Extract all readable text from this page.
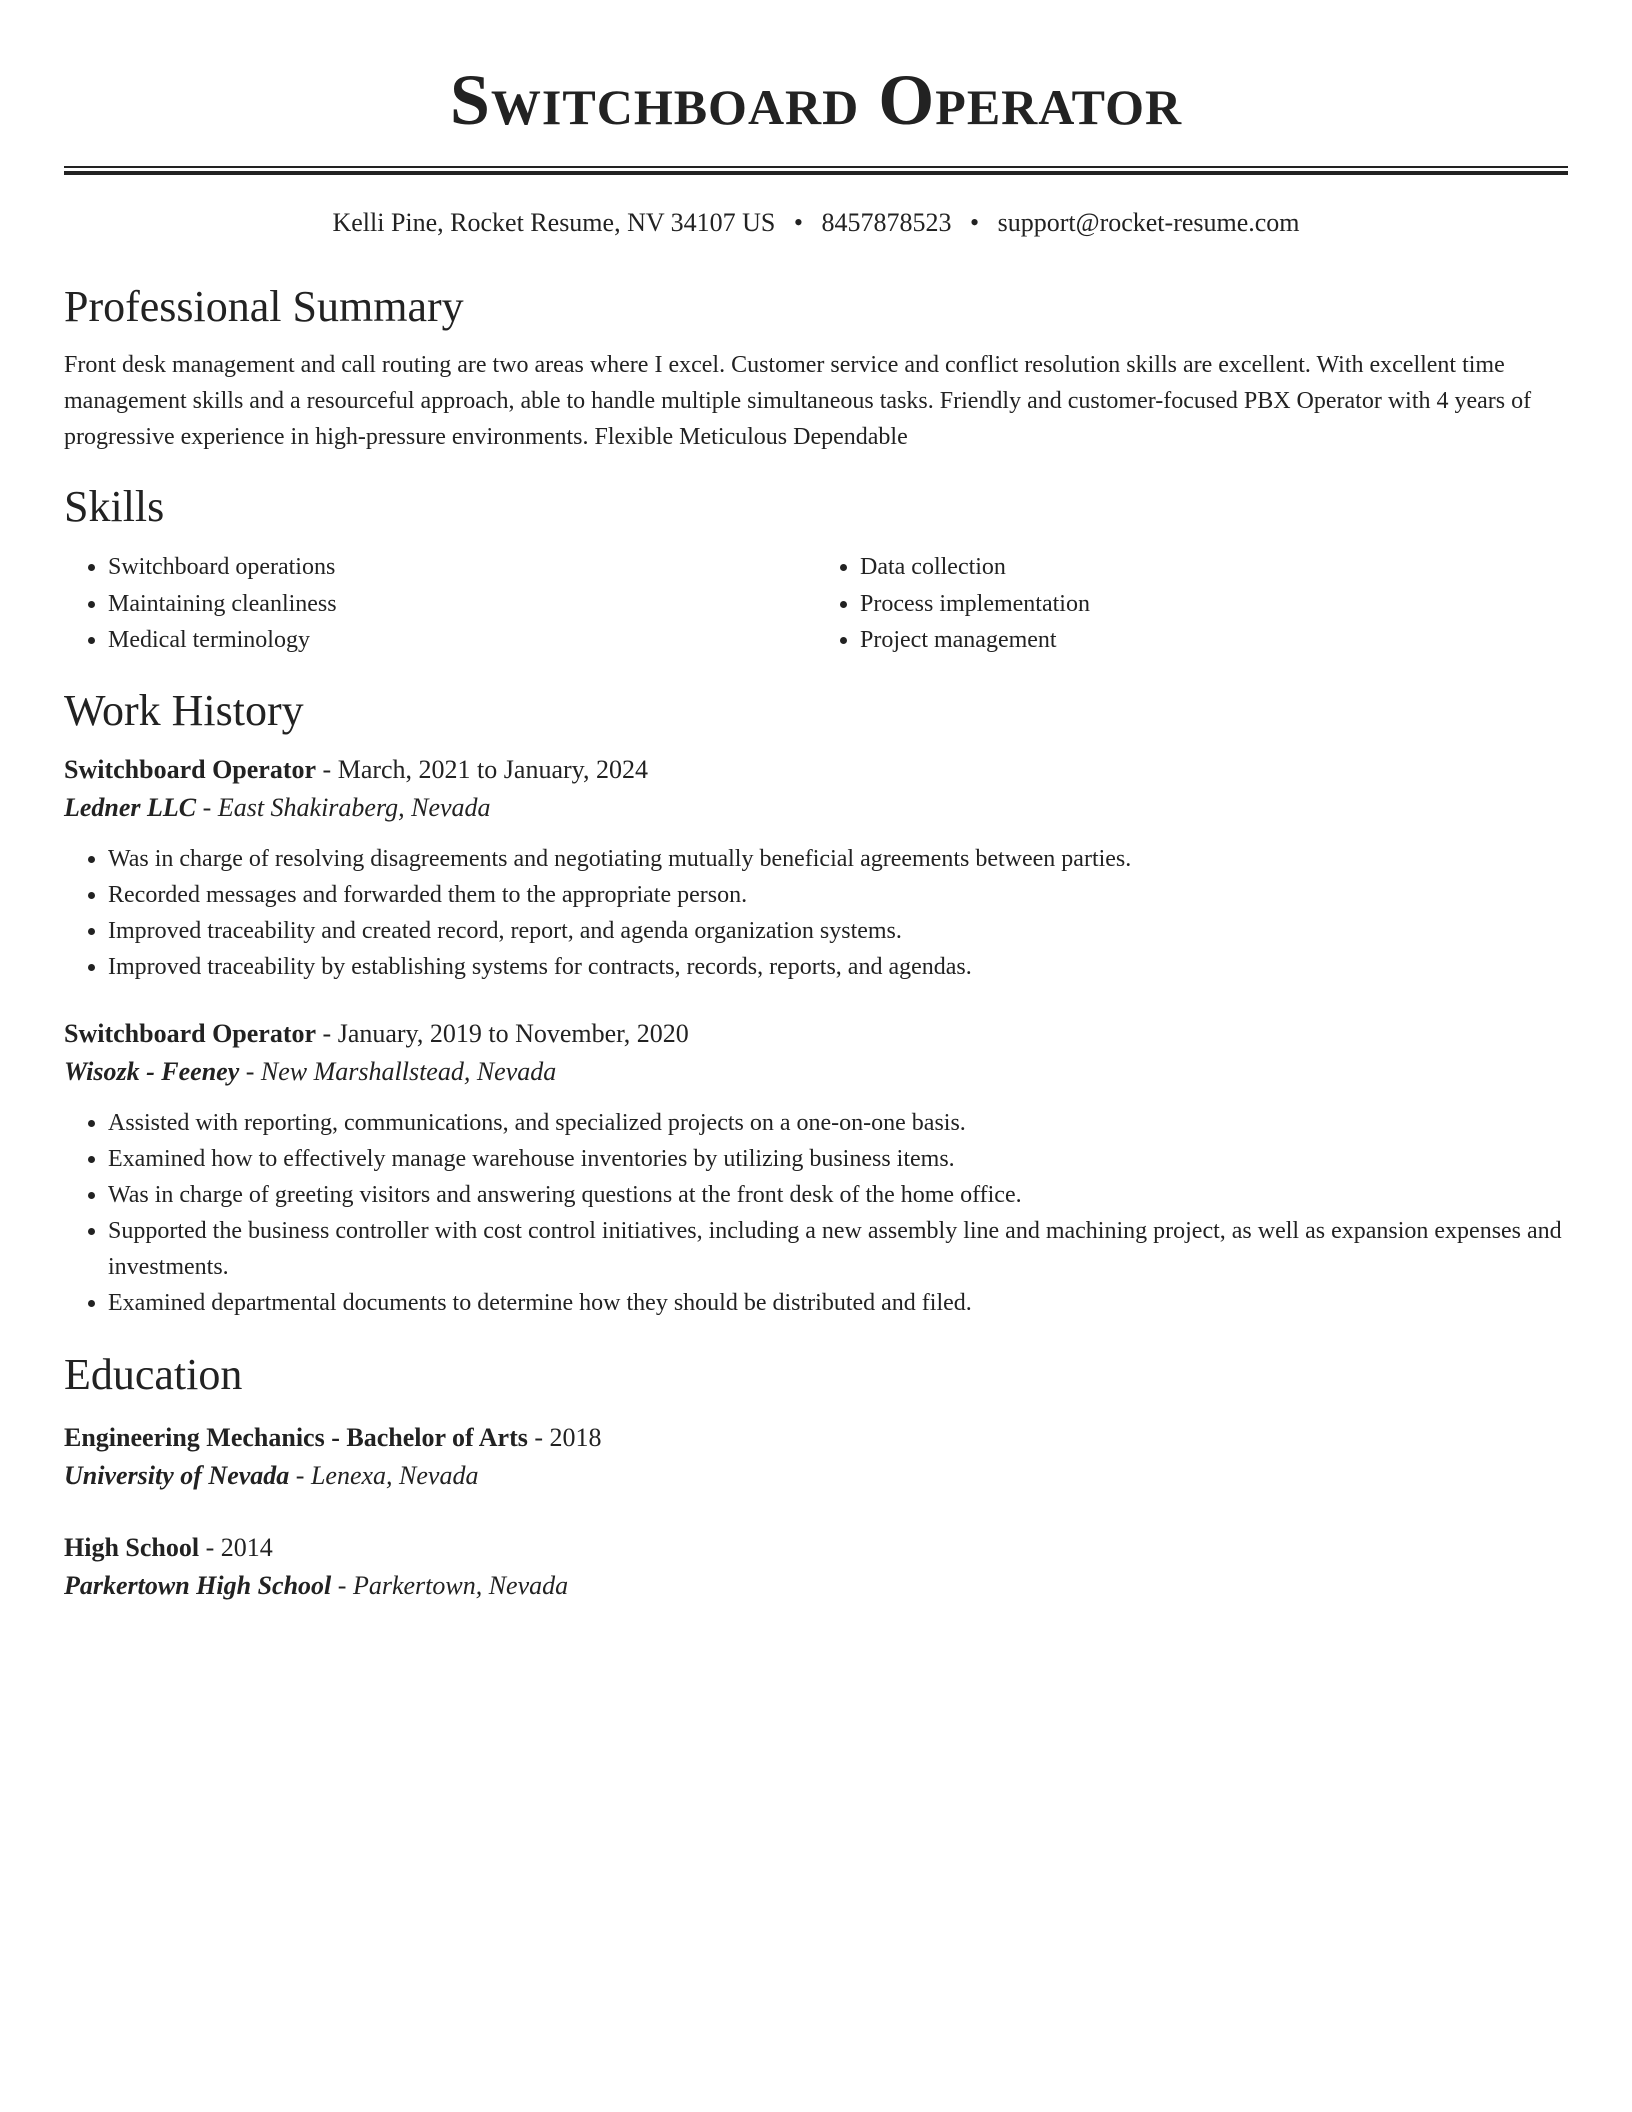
Switchboard Operator
Kelli Pine, Rocket Resume, NV 34107 US • 8457878523 • support@rocket-resume.com
Professional Summary

Front desk management and call routing are two areas where I excel. Customer service and conflict resolution skills are excellent. With excellent time management skills and a resourceful approach, able to handle multiple simultaneous tasks. Friendly and customer-focused PBX Operator with 4 years of progressive experience in high-pressure environments. Flexible Meticulous Dependable

Skills
• Switchboard operations
• Maintaining cleanliness
• Medical terminology
• Data collection
• Process implementation
• Project management
Work History
Switchboard Operator - March, 2021 to January, 2024
Ledner LLC - East Shakiraberg, Nevada
• Was in charge of resolving disagreements and negotiating mutually beneficial agreements between parties.
• Recorded messages and forwarded them to the appropriate person.
• Improved traceability and created record, report, and agenda organization systems.
• Improved traceability by establishing systems for contracts, records, reports, and agendas.
Switchboard Operator - January, 2019 to November, 2020
Wisozk - Feeney - New Marshallstead, Nevada
• Assisted with reporting, communications, and specialized projects on a one-on-one basis.
• Examined how to effectively manage warehouse inventories by utilizing business items.
• Was in charge of greeting visitors and answering questions at the front desk of the home office.
• Supported the business controller with cost control initiatives, including a new assembly line and machining project, as well as expansion expenses and investments.
• Examined departmental documents to determine how they should be distributed and filed.
Education
Engineering Mechanics - Bachelor of Arts - 2018
University of Nevada - Lenexa, Nevada
High School - 2014
Parkertown High School - Parkertown, Nevada
